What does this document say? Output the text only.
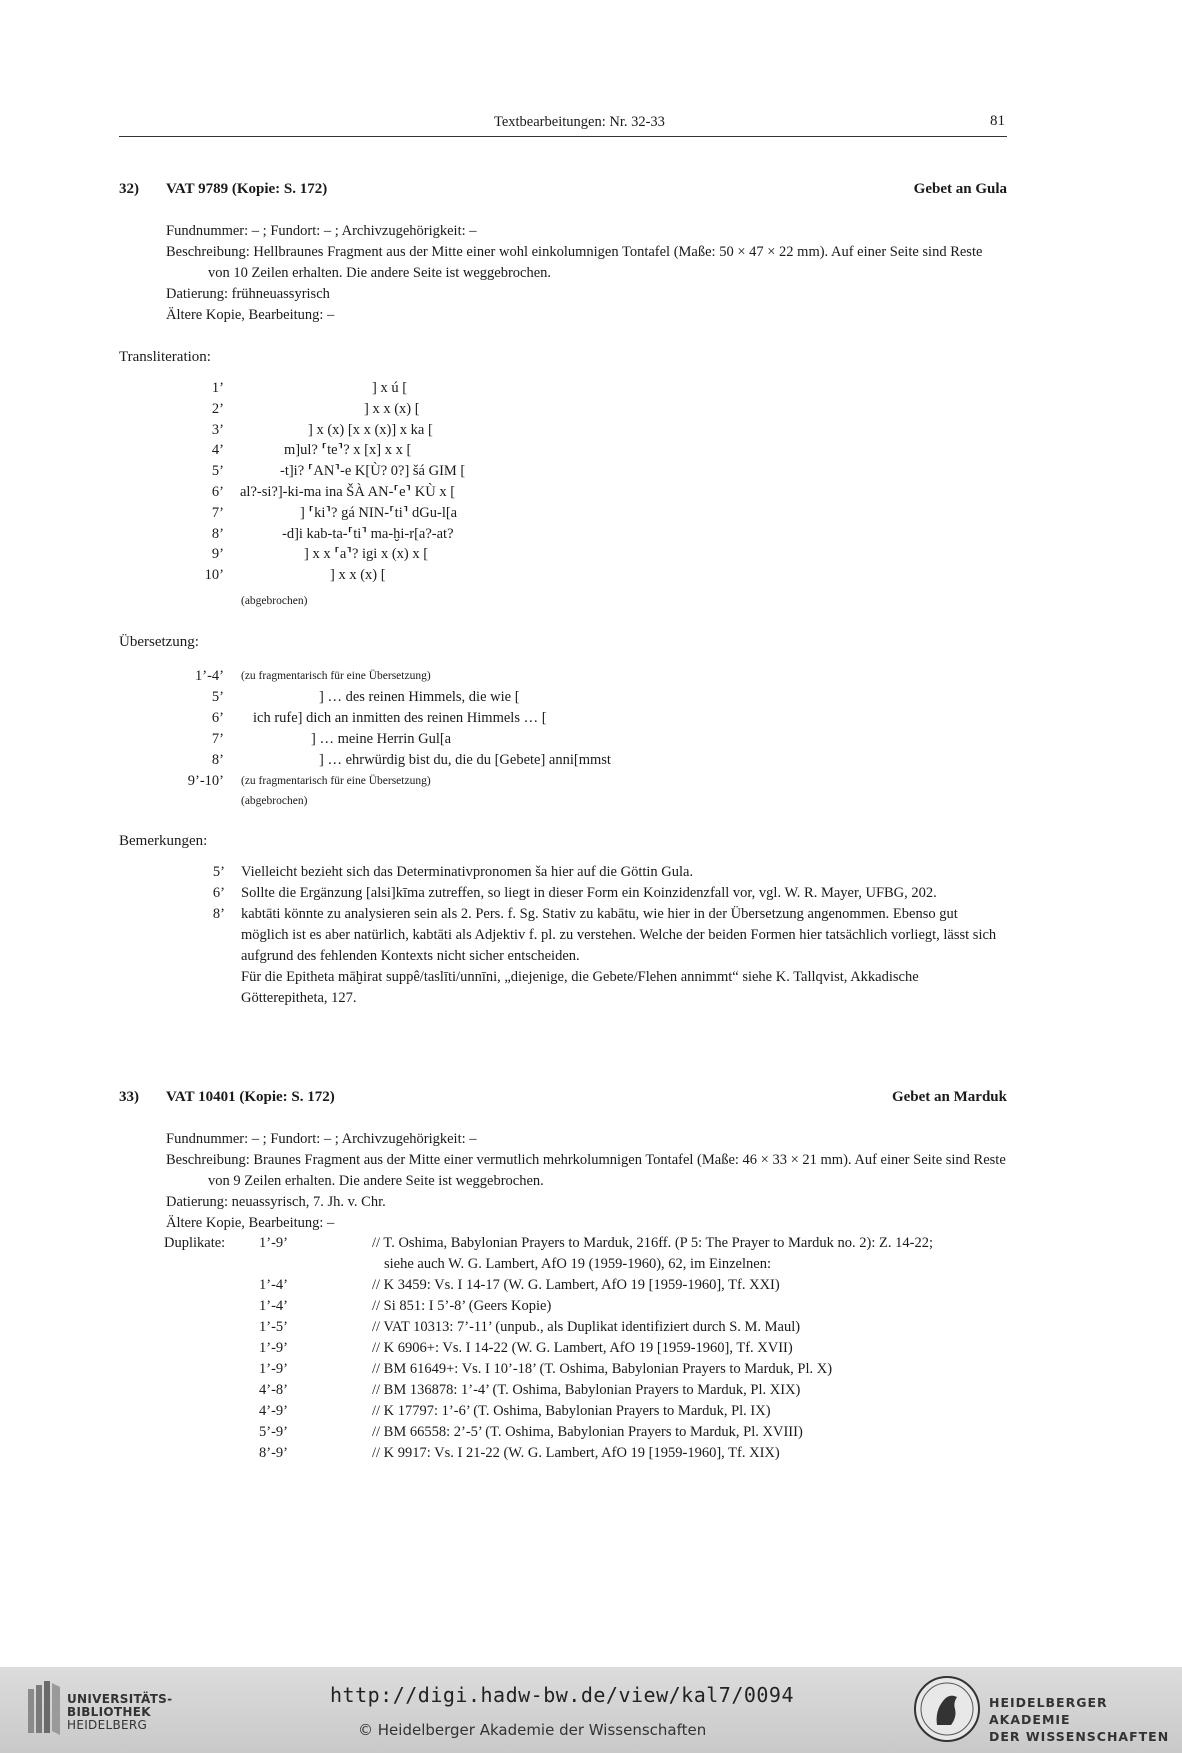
Textbearbeitungen: Nr. 32-33	81
32) VAT 9789 (Kopie: S. 172)	Gebet an Gula
Fundnummer: – ; Fundort: – ; Archivzugehörigkeit: –
Beschreibung: Hellbraunes Fragment aus der Mitte einer wohl einkolumnigen Tontafel (Maße: 50 × 47 × 22 mm). Auf einer Seite sind Reste von 10 Zeilen erhalten. Die andere Seite ist weggebrochen.
Datierung: frühneuassyrisch
Ältere Kopie, Bearbeitung: –
Transliteration:
1’	] x ú [
2’	] x x (x) [
3’	] x (x) [x x (x)] x ka [
4’	m]ul? ⸢te⸣? x [x] x x [
5’	-t]i? ⸢AN⸣-e K[Ù? 0?] šá GIM [
6’ al?-si?]-ki-ma ina ŠÀ AN-⸢e⸣ KÙ x [
7’	] ⸢ki⸣? gá NIN-⸢ti⸣ dGu-l[a
8’	-d]i kab-ta-⸢ti⸣ ma-ḫi-r[a?-at?
9’	] x x ⸢a⸣? igi x (x) x [
10’	] x x (x) [
(abgebrochen)
Übersetzung:
1’-4’ (zu fragmentarisch für eine Übersetzung)
5’	] … des reinen Himmels, die wie [
6’ ich rufe] dich an inmitten des reinen Himmels … [
7’	] … meine Herrin Gul[a
8’	] … ehrwürdig bist du, die du [Gebete] anni[mmst
9’-10’ (zu fragmentarisch für eine Übersetzung)
(abgebrochen)
Bemerkungen:
5’	Vielleicht bezieht sich das Determinativpronomen ša hier auf die Göttin Gula.
6’	Sollte die Ergänzung [alsi]kīma zutreffen, so liegt in dieser Form ein Koinzidenzfall vor, vgl. W. R. Mayer, UFBG, 202.
8’	kabtāti könnte zu analysieren sein als 2. Pers. f. Sg. Stativ zu kabātu, wie hier in der Übersetzung angenommen. Ebenso gut möglich ist es aber natürlich, kabtāti als Adjektiv f. pl. zu verstehen. Welche der beiden Formen hier tatsächlich vorliegt, lässt sich aufgrund des fehlenden Kontexts nicht sicher entscheiden.
Für die Epitheta māḫirat suppê/taslīti/unnīni, „diejenige, die Gebete/Flehen annimmt“ siehe K. Tallqvist, Akkadische Götterepitheta, 127.
33) VAT 10401 (Kopie: S. 172)	Gebet an Marduk
Fundnummer: – ; Fundort: – ; Archivzugehörigkeit: –
Beschreibung: Braunes Fragment aus der Mitte einer vermutlich mehrkolumnigen Tontafel (Maße: 46 × 33 × 21 mm). Auf einer Seite sind Reste von 9 Zeilen erhalten. Die andere Seite ist weggebrochen.
Datierung: neuassyrisch, 7. Jh. v. Chr.
Ältere Kopie, Bearbeitung: –
Duplikate: 1’-9’	// T. Oshima, Babylonian Prayers to Marduk, 216ff. (P 5: The Prayer to Marduk no. 2): Z. 14-22;
siehe auch W. G. Lambert, AfO 19 (1959-1960), 62, im Einzelnen:
1’-4’	// K 3459: Vs. I 14-17 (W. G. Lambert, AfO 19 [1959-1960], Tf. XXI)
1’-4’	// Si 851: I 5’-8’ (Geers Kopie)
1’-5’	// VAT 10313: 7’-11’ (unpub., als Duplikat identifiziert durch S. M. Maul)
1’-9’	// K 6906+: Vs. I 14-22 (W. G. Lambert, AfO 19 [1959-1960], Tf. XVII)
1’-9’	// BM 61649+: Vs. I 10’-18’ (T. Oshima, Babylonian Prayers to Marduk, Pl. X)
4’-8’	// BM 136878: 1’-4’ (T. Oshima, Babylonian Prayers to Marduk, Pl. XIX)
4’-9’	// K 17797: 1’-6’ (T. Oshima, Babylonian Prayers to Marduk, Pl. IX)
5’-9’	// BM 66558: 2’-5’ (T. Oshima, Babylonian Prayers to Marduk, Pl. XVIII)
8’-9’	// K 9917: Vs. I 21-22 (W. G. Lambert, AfO 19 [1959-1960], Tf. XIX)
UNIVERSITÄTS-
BIBLIOTHEK
HEIDELBERG
http://digi.hadw-bw.de/view/kal7/0094
© Heidelberger Akademie der Wissenschaften
HEIDELBERGER AKADEMIE
DER WISSENSCHAFTEN
